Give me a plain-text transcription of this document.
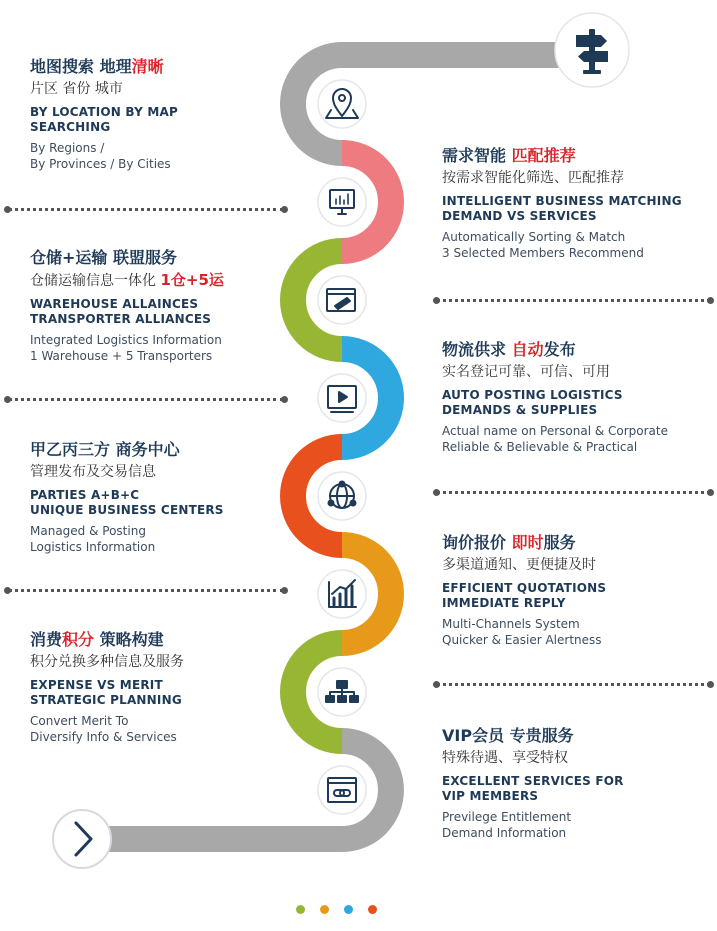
地图搜索 地理清晰
片区 省份 城市
BY LOCATION BY MAP
SEARCHING
By Regions /
By Provinces / By Cities	需求智能 匹配推荐
按需求智能化筛选、匹配推荐
INTELLIGENT BUSINESS MATCHING
DEMAND VS SERVICES
Automatically Sorting & Match
3 Selected Members Recommend
仓储+运输 联盟服务
仓储运输信息一体化 1仓+5运
WAREHOUSE ALLAINCES
TRANSPORTER ALLIANCES
Integrated Logistics Information
1 Warehouse + 5 Transporters	物流供求 自动发布
实名登记可靠、可信、可用
AUTO POSTING LOGISTICS
DEMANDS & SUPPLIES
Actual name on Personal & Corporate
Reliable & Believable & Practical
甲乙丙三方 商务中心
管理发布及交易信息
PARTIES A+B+C
UNIQUE BUSINESS CENTERS
Managed & Posting
Logistics Information	询价报价 即时服务
多渠道通知、更便捷及时
EFFICIENT QUOTATIONS
IMMEDIATE REPLY
Multi-Channels System
Quicker & Easier Alertness
消费积分 策略构建
积分兑换多种信息及服务
EXPENSE VS MERIT
STRATEGIC PLANNING
Convert Merit To
Diversify Info & Services	VIP会员 专贵服务
特殊待遇、享受特权
EXCELLENT SERVICES FOR
VIP MEMBERS
Previlege Entitlement
Demand Information
